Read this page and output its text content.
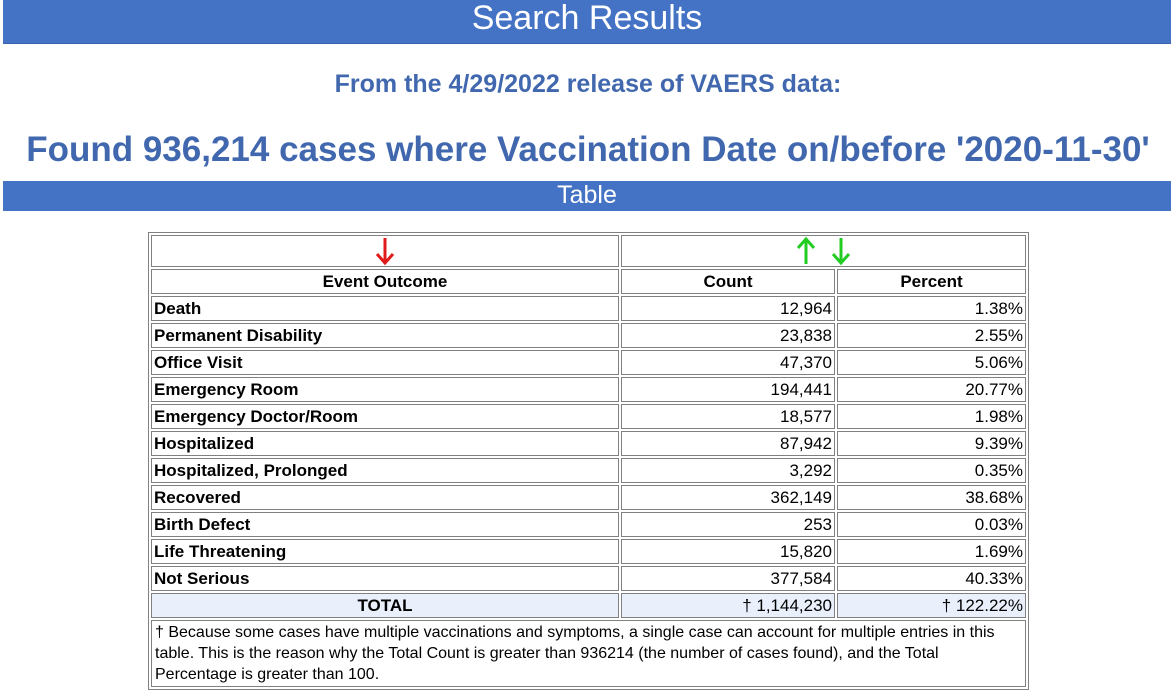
Search Results
From the 4/29/2022 release of VAERS data:
Found 936,214 cases where Vaccination Date on/before '2020-11-30'
Table

Event Outcome	Count	Percent
Death	12,964	1.38%
Permanent Disability	23,838	2.55%
Office Visit	47,370	5.06%
Emergency Room	194,441	20.77%
Emergency Doctor/Room	18,577	1.98%
Hospitalized	87,942	9.39%
Hospitalized, Prolonged	3,292	0.35%
Recovered	362,149	38.68%
Birth Defect	253	0.03%
Life Threatening	15,820	1.69%
Not Serious	377,584	40.33%
TOTAL	† 1,144,230	† 122.22%
† Because some cases have multiple vaccinations and symptoms, a single case can account for multiple entries in this table. This is the reason why the Total Count is greater than 936214 (the number of cases found), and the Total Percentage is greater than 100.		
